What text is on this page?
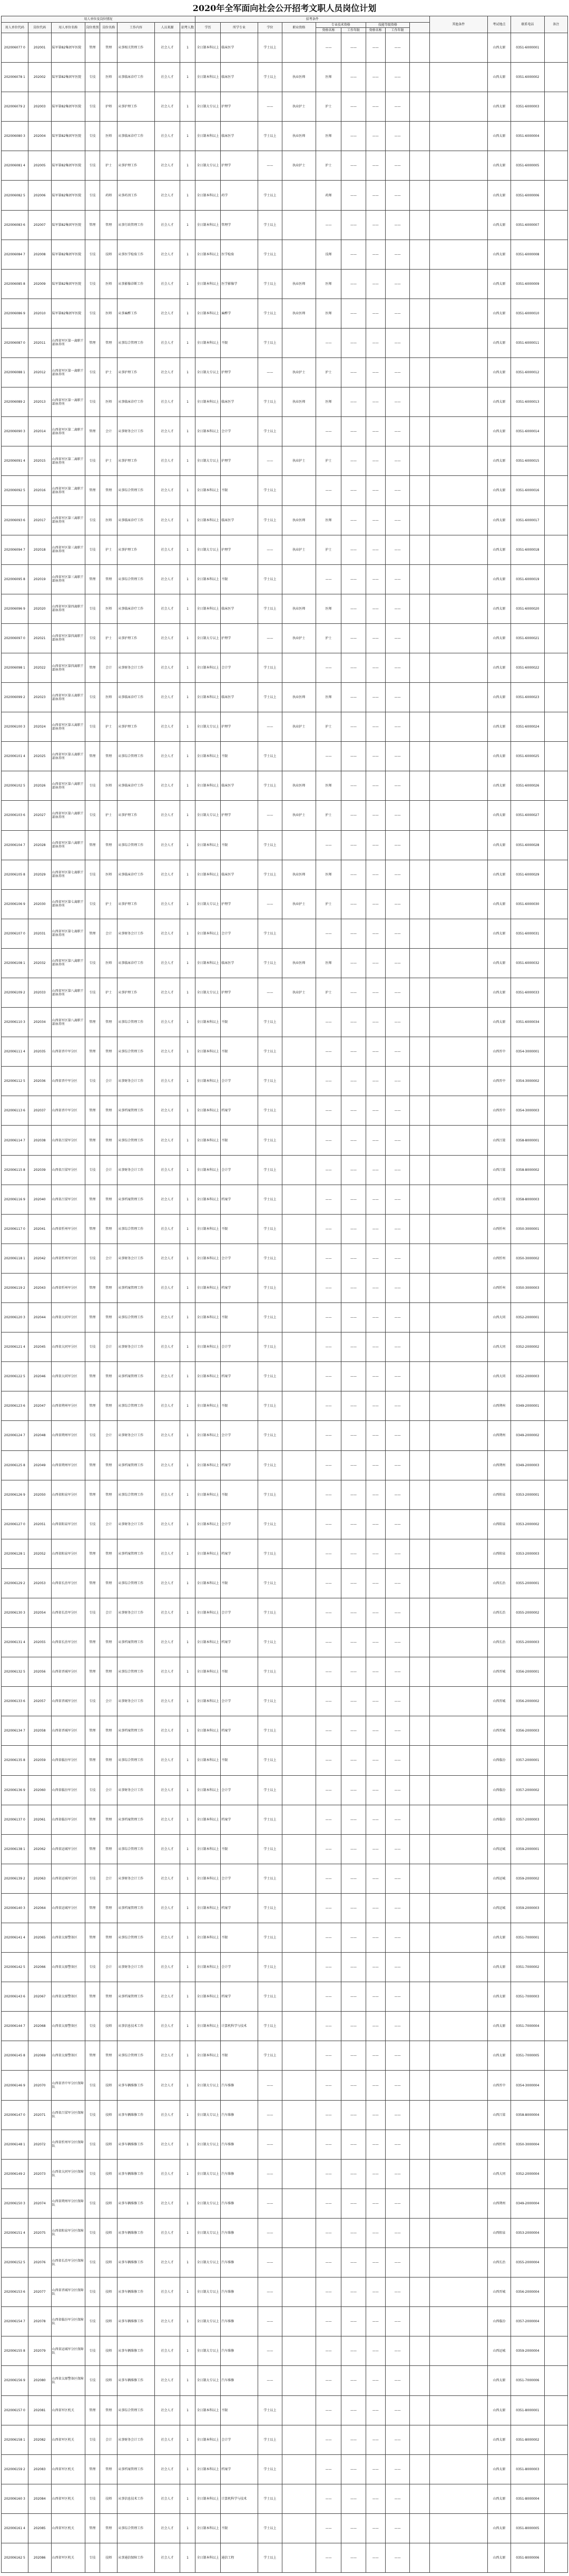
2020年全军面向社会公开招考文职人员岗位计划
用人单位及岗位情况								招考条件									其他条件	考试地点	联系电话	备注
用人单位代码	岗位代码	用人单位名称	岗位类别	岗位名称	工作内容	人员来源	招考人数	学历	所学专业	学位	职业资格	专业技术资格		技能等级资格						
												资格名称	工作年限	资格名称	工作年限					
202006077 0	202001	陆军第82集团军医院	管理	管理	从事相关管理工作	社会人才	1	全日制本科以上	临床医学	学士以上		——	——	——	——			山西太原	0351-6000001	
202006078 1	202002	陆军第82集团军医院	专技	医师	从事临床诊疗工作	社会人才	1	全日制本科以上	临床医学	学士以上	执业医师	医师	——	——	——			山西太原	0351-6000002	
202006079 2	202003	陆军第82集团军医院	专技	护师	从事护理工作	社会人才	1	全日制大专以上	护理学	——	执业护士	护士	——	——	——			山西太原	0351-6000003	
202006080 3	202004	陆军第82集团军医院	专技	医师	从事临床诊疗工作	社会人才	1	全日制本科以上	临床医学	学士以上	执业医师	医师	——	——	——			山西太原	0351-6000004	
202006081 4	202005	陆军第82集团军医院	专技	护士	从事护理工作	社会人才	1	全日制大专以上	护理学	——	执业护士	护士	——	——	——			山西太原	0351-6000005	
202006082 5	202006	陆军第82集团军医院	专技	药师	从事药剂工作	社会人才	1	全日制本科以上	药学	学士以上		药师	——	——	——			山西太原	0351-6000006	
202006083 6	202007	陆军第82集团军医院	管理	管理	从事行政管理工作	社会人才	1	全日制本科以上	管理学	学士以上		——	——	——	——			山西太原	0351-6000007	
202006084 7	202008	陆军第82集团军医院	专技	技师	从事医学检验工作	社会人才	1	全日制本科以上	医学检验	学士以上		技师	——	——	——			山西太原	0351-6000008	
202006085 8	202009	陆军第82集团军医院	专技	医师	从事影像诊断工作	社会人才	1	全日制本科以上	医学影像学	学士以上	执业医师	医师	——	——	——			山西太原	0351-6000009	
202006086 9	202010	陆军第82集团军医院	专技	医师	从事麻醉工作	社会人才	1	全日制本科以上	麻醉学	学士以上	执业医师	医师	——	——	——			山西太原	0351-6000010	
202006087 0	202011	山西省军区第一离职干部休养所	管理	管理	从事综合管理工作	社会人才	1	全日制本科以上	不限	学士以上		——	——	——	——			山西太原	0351-6000011	
202006088 1	202012	山西省军区第一离职干部休养所	专技	护士	从事护理工作	社会人才	1	全日制大专以上	护理学	——	执业护士	护士	——	——	——			山西太原	0351-6000012	
202006089 2	202013	山西省军区第一离职干部休养所	专技	医师	从事临床诊疗工作	社会人才	1	全日制本科以上	临床医学	学士以上	执业医师	医师	——	——	——			山西太原	0351-6000013	
202006090 3	202014	山西省军区第二离职干部休养所	管理	会计	从事财务会计工作	社会人才	1	全日制本科以上	会计学	学士以上		——	——	——	——			山西太原	0351-6000014	
202006091 4	202015	山西省军区第二离职干部休养所	专技	护士	从事护理工作	社会人才	1	全日制大专以上	护理学	——	执业护士	护士	——	——	——			山西太原	0351-6000015	
202006092 5	202016	山西省军区第二离职干部休养所	管理	管理	从事综合管理工作	社会人才	1	全日制本科以上	不限	学士以上		——	——	——	——			山西太原	0351-6000016	
202006093 6	202017	山西省军区第三离职干部休养所	专技	医师	从事临床诊疗工作	社会人才	1	全日制本科以上	临床医学	学士以上	执业医师	医师	——	——	——			山西太原	0351-6000017	
202006094 7	202018	山西省军区第三离职干部休养所	专技	护士	从事护理工作	社会人才	1	全日制大专以上	护理学	——	执业护士	护士	——	——	——			山西太原	0351-6000018	
202006095 8	202019	山西省军区第三离职干部休养所	管理	管理	从事综合管理工作	社会人才	1	全日制本科以上	不限	学士以上		——	——	——	——			山西太原	0351-6000019	
202006096 9	202020	山西省军区第四离职干部休养所	专技	医师	从事临床诊疗工作	社会人才	1	全日制本科以上	临床医学	学士以上	执业医师	医师	——	——	——			山西太原	0351-6000020	
202006097 0	202021	山西省军区第四离职干部休养所	专技	护士	从事护理工作	社会人才	1	全日制大专以上	护理学	——	执业护士	护士	——	——	——			山西太原	0351-6000021	
202006098 1	202022	山西省军区第四离职干部休养所	管理	会计	从事财务会计工作	社会人才	1	全日制本科以上	会计学	学士以上		——	——	——	——			山西太原	0351-6000022	
202006099 2	202023	山西省军区第五离职干部休养所	专技	医师	从事临床诊疗工作	社会人才	1	全日制本科以上	临床医学	学士以上	执业医师	医师	——	——	——			山西太原	0351-6000023	
202006100 3	202024	山西省军区第五离职干部休养所	专技	护士	从事护理工作	社会人才	1	全日制大专以上	护理学	——	执业护士	护士	——	——	——			山西太原	0351-6000024	
202006101 4	202025	山西省军区第五离职干部休养所	管理	管理	从事综合管理工作	社会人才	1	全日制本科以上	不限	学士以上		——	——	——	——			山西太原	0351-6000025	
202006102 5	202026	山西省军区第六离职干部休养所	专技	医师	从事临床诊疗工作	社会人才	1	全日制本科以上	临床医学	学士以上	执业医师	医师	——	——	——			山西太原	0351-6000026	
202006103 6	202027	山西省军区第六离职干部休养所	专技	护士	从事护理工作	社会人才	1	全日制大专以上	护理学	——	执业护士	护士	——	——	——			山西太原	0351-6000027	
202006104 7	202028	山西省军区第六离职干部休养所	管理	管理	从事综合管理工作	社会人才	1	全日制本科以上	不限	学士以上		——	——	——	——			山西太原	0351-6000028	
202006105 8	202029	山西省军区第七离职干部休养所	专技	医师	从事临床诊疗工作	社会人才	1	全日制本科以上	临床医学	学士以上	执业医师	医师	——	——	——			山西太原	0351-6000029	
202006106 9	202030	山西省军区第七离职干部休养所	专技	护士	从事护理工作	社会人才	1	全日制大专以上	护理学	——	执业护士	护士	——	——	——			山西太原	0351-6000030	
202006107 0	202031	山西省军区第七离职干部休养所	管理	会计	从事财务会计工作	社会人才	1	全日制本科以上	会计学	学士以上		——	——	——	——			山西太原	0351-6000031	
202006108 1	202032	山西省军区第八离职干部休养所	专技	医师	从事临床诊疗工作	社会人才	1	全日制本科以上	临床医学	学士以上	执业医师	医师	——	——	——			山西太原	0351-6000032	
202006109 2	202033	山西省军区第八离职干部休养所	专技	护士	从事护理工作	社会人才	1	全日制大专以上	护理学	——	执业护士	护士	——	——	——			山西太原	0351-6000033	
202006110 3	202034	山西省军区第八离职干部休养所	管理	管理	从事综合管理工作	社会人才	1	全日制本科以上	不限	学士以上		——	——	——	——			山西太原	0351-6000034	
202006111 4	202035	山西省晋中军分区	管理	管理	从事综合管理工作	社会人才	1	全日制本科以上	不限	学士以上		——	——	——	——			山西晋中	0354-3000001	
202006112 5	202036	山西省晋中军分区	专技	会计	从事财务会计工作	社会人才	1	全日制本科以上	会计学	学士以上		——	——	——	——			山西晋中	0354-3000002	
202006113 6	202037	山西省晋中军分区	管理	管理	从事档案管理工作	社会人才	1	全日制本科以上	档案学	学士以上		——	——	——	——			山西晋中	0354-3000003	
202006114 7	202038	山西省吕梁军分区	管理	管理	从事综合管理工作	社会人才	1	全日制本科以上	不限	学士以上		——	——	——	——			山西吕梁	0358-8000001	
202006115 8	202039	山西省吕梁军分区	专技	会计	从事财务会计工作	社会人才	1	全日制本科以上	会计学	学士以上		——	——	——	——			山西吕梁	0358-8000002	
202006116 9	202040	山西省吕梁军分区	管理	管理	从事档案管理工作	社会人才	1	全日制本科以上	档案学	学士以上		——	——	——	——			山西吕梁	0358-8000003	
202006117 0	202041	山西省忻州军分区	管理	管理	从事综合管理工作	社会人才	1	全日制本科以上	不限	学士以上		——	——	——	——			山西忻州	0350-3000001	
202006118 1	202042	山西省忻州军分区	专技	会计	从事财务会计工作	社会人才	1	全日制本科以上	会计学	学士以上		——	——	——	——			山西忻州	0350-3000002	
202006119 2	202043	山西省忻州军分区	管理	管理	从事档案管理工作	社会人才	1	全日制本科以上	档案学	学士以上		——	——	——	——			山西忻州	0350-3000003	
202006120 3	202044	山西省大同军分区	管理	管理	从事综合管理工作	社会人才	1	全日制本科以上	不限	学士以上		——	——	——	——			山西大同	0352-2000001	
202006121 4	202045	山西省大同军分区	专技	会计	从事财务会计工作	社会人才	1	全日制本科以上	会计学	学士以上		——	——	——	——			山西大同	0352-2000002	
202006122 5	202046	山西省大同军分区	管理	管理	从事档案管理工作	社会人才	1	全日制本科以上	档案学	学士以上		——	——	——	——			山西大同	0352-2000003	
202006123 6	202047	山西省朔州军分区	管理	管理	从事综合管理工作	社会人才	1	全日制本科以上	不限	学士以上		——	——	——	——			山西朔州	0349-2000001	
202006124 7	202048	山西省朔州军分区	专技	会计	从事财务会计工作	社会人才	1	全日制本科以上	会计学	学士以上		——	——	——	——			山西朔州	0349-2000002	
202006125 8	202049	山西省朔州军分区	管理	管理	从事档案管理工作	社会人才	1	全日制本科以上	档案学	学士以上		——	——	——	——			山西朔州	0349-2000003	
202006126 9	202050	山西省阳泉军分区	管理	管理	从事综合管理工作	社会人才	1	全日制本科以上	不限	学士以上		——	——	——	——			山西阳泉	0353-2000001	
202006127 0	202051	山西省阳泉军分区	专技	会计	从事财务会计工作	社会人才	1	全日制本科以上	会计学	学士以上		——	——	——	——			山西阳泉	0353-2000002	
202006128 1	202052	山西省阳泉军分区	管理	管理	从事档案管理工作	社会人才	1	全日制本科以上	档案学	学士以上		——	——	——	——			山西阳泉	0353-2000003	
202006129 2	202053	山西省长治军分区	管理	管理	从事综合管理工作	社会人才	1	全日制本科以上	不限	学士以上		——	——	——	——			山西长治	0355-2000001	
202006130 3	202054	山西省长治军分区	专技	会计	从事财务会计工作	社会人才	1	全日制本科以上	会计学	学士以上		——	——	——	——			山西长治	0355-2000002	
202006131 4	202055	山西省长治军分区	管理	管理	从事档案管理工作	社会人才	1	全日制本科以上	档案学	学士以上		——	——	——	——			山西长治	0355-2000003	
202006132 5	202056	山西省晋城军分区	管理	管理	从事综合管理工作	社会人才	1	全日制本科以上	不限	学士以上		——	——	——	——			山西晋城	0356-2000001	
202006133 6	202057	山西省晋城军分区	专技	会计	从事财务会计工作	社会人才	1	全日制本科以上	会计学	学士以上		——	——	——	——			山西晋城	0356-2000002	
202006134 7	202058	山西省晋城军分区	管理	管理	从事档案管理工作	社会人才	1	全日制本科以上	档案学	学士以上		——	——	——	——			山西晋城	0356-2000003	
202006135 8	202059	山西省临汾军分区	管理	管理	从事综合管理工作	社会人才	1	全日制本科以上	不限	学士以上		——	——	——	——			山西临汾	0357-2000001	
202006136 9	202060	山西省临汾军分区	专技	会计	从事财务会计工作	社会人才	1	全日制本科以上	会计学	学士以上		——	——	——	——			山西临汾	0357-2000002	
202006137 0	202061	山西省临汾军分区	管理	管理	从事档案管理工作	社会人才	1	全日制本科以上	档案学	学士以上		——	——	——	——			山西临汾	0357-2000003	
202006138 1	202062	山西省运城军分区	管理	管理	从事综合管理工作	社会人才	1	全日制本科以上	不限	学士以上		——	——	——	——			山西运城	0359-2000001	
202006139 2	202063	山西省运城军分区	专技	会计	从事财务会计工作	社会人才	1	全日制本科以上	会计学	学士以上		——	——	——	——			山西运城	0359-2000002	
202006140 3	202064	山西省运城军分区	管理	管理	从事档案管理工作	社会人才	1	全日制本科以上	档案学	学士以上		——	——	——	——			山西运城	0359-2000003	
202006141 4	202065	山西省太原警备区	管理	管理	从事综合管理工作	社会人才	1	全日制本科以上	不限	学士以上		——	——	——	——			山西太原	0351-7000001	
202006142 5	202066	山西省太原警备区	专技	会计	从事财务会计工作	社会人才	1	全日制本科以上	会计学	学士以上		——	——	——	——			山西太原	0351-7000002	
202006143 6	202067	山西省太原警备区	管理	管理	从事档案管理工作	社会人才	1	全日制本科以上	档案学	学士以上		——	——	——	——			山西太原	0351-7000003	
202006144 7	202068	山西省太原警备区	专技	技师	从事信息技术工作	社会人才	1	全日制本科以上	计算机科学与技术	学士以上		——	——	——	——			山西太原	0351-7000004	
202006145 8	202069	山西省太原警备区	管理	管理	从事综合管理工作	社会人才	1	全日制本科以上	不限	学士以上		——	——	——	——			山西太原	0351-7000005	
202006146 9	202070	山西省晋中军分区保障队	专技	技师	从事车辆维修工作	社会人才	1	全日制大专以上	汽车维修	——		——	——	——	——			山西晋中	0354-3000004	
202006147 0	202071	山西省吕梁军分区保障队	专技	技师	从事车辆维修工作	社会人才	1	全日制大专以上	汽车维修	——		——	——	——	——			山西吕梁	0358-8000004	
202006148 1	202072	山西省忻州军分区保障队	专技	技师	从事车辆维修工作	社会人才	1	全日制大专以上	汽车维修	——		——	——	——	——			山西忻州	0350-3000004	
202006149 2	202073	山西省大同军分区保障队	专技	技师	从事车辆维修工作	社会人才	1	全日制大专以上	汽车维修	——		——	——	——	——			山西大同	0352-2000004	
202006150 3	202074	山西省朔州军分区保障队	专技	技师	从事车辆维修工作	社会人才	1	全日制大专以上	汽车维修	——		——	——	——	——			山西朔州	0349-2000004	
202006151 4	202075	山西省阳泉军分区保障队	专技	技师	从事车辆维修工作	社会人才	1	全日制大专以上	汽车维修	——		——	——	——	——			山西阳泉	0353-2000004	
202006152 5	202076	山西省长治军分区保障队	专技	技师	从事车辆维修工作	社会人才	1	全日制大专以上	汽车维修	——		——	——	——	——			山西长治	0355-2000004	
202006153 6	202077	山西省晋城军分区保障队	专技	技师	从事车辆维修工作	社会人才	1	全日制大专以上	汽车维修	——		——	——	——	——			山西晋城	0356-2000004	
202006154 7	202078	山西省临汾军分区保障队	专技	技师	从事车辆维修工作	社会人才	1	全日制大专以上	汽车维修	——		——	——	——	——			山西临汾	0357-2000004	
202006155 8	202079	山西省运城军分区保障队	专技	技师	从事车辆维修工作	社会人才	1	全日制大专以上	汽车维修	——		——	——	——	——			山西运城	0359-2000004	
202006156 9	202080	山西省太原警备区保障队	专技	技师	从事车辆维修工作	社会人才	1	全日制大专以上	汽车维修	——		——	——	——	——			山西太原	0351-7000006	
202006157 0	202081	山西省军区机关	管理	管理	从事综合管理工作	社会人才	1	全日制本科以上	不限	学士以上		——	——	——	——			山西太原	0351-8000001	
202006158 1	202082	山西省军区机关	专技	会计	从事财务会计工作	社会人才	1	全日制本科以上	会计学	学士以上		——	——	——	——			山西太原	0351-8000002	
202006159 2	202083	山西省军区机关	管理	管理	从事档案管理工作	社会人才	1	全日制本科以上	档案学	学士以上		——	——	——	——			山西太原	0351-8000003	
202006160 3	202084	山西省军区机关	专技	技师	从事信息技术工作	社会人才	1	全日制本科以上	计算机科学与技术	学士以上		——	——	——	——			山西太原	0351-8000004	
202006161 4	202085	山西省军区机关	管理	管理	从事综合管理工作	社会人才	1	全日制本科以上	不限	学士以上		——	——	——	——			山西太原	0351-8000005	
202006162 5	202086	山西省军区机关	专技	技师	从事通信保障工作	社会人才	1	全日制本科以上	通信工程	学士以上		——	——	——	——			山西太原	0351-8000006	
